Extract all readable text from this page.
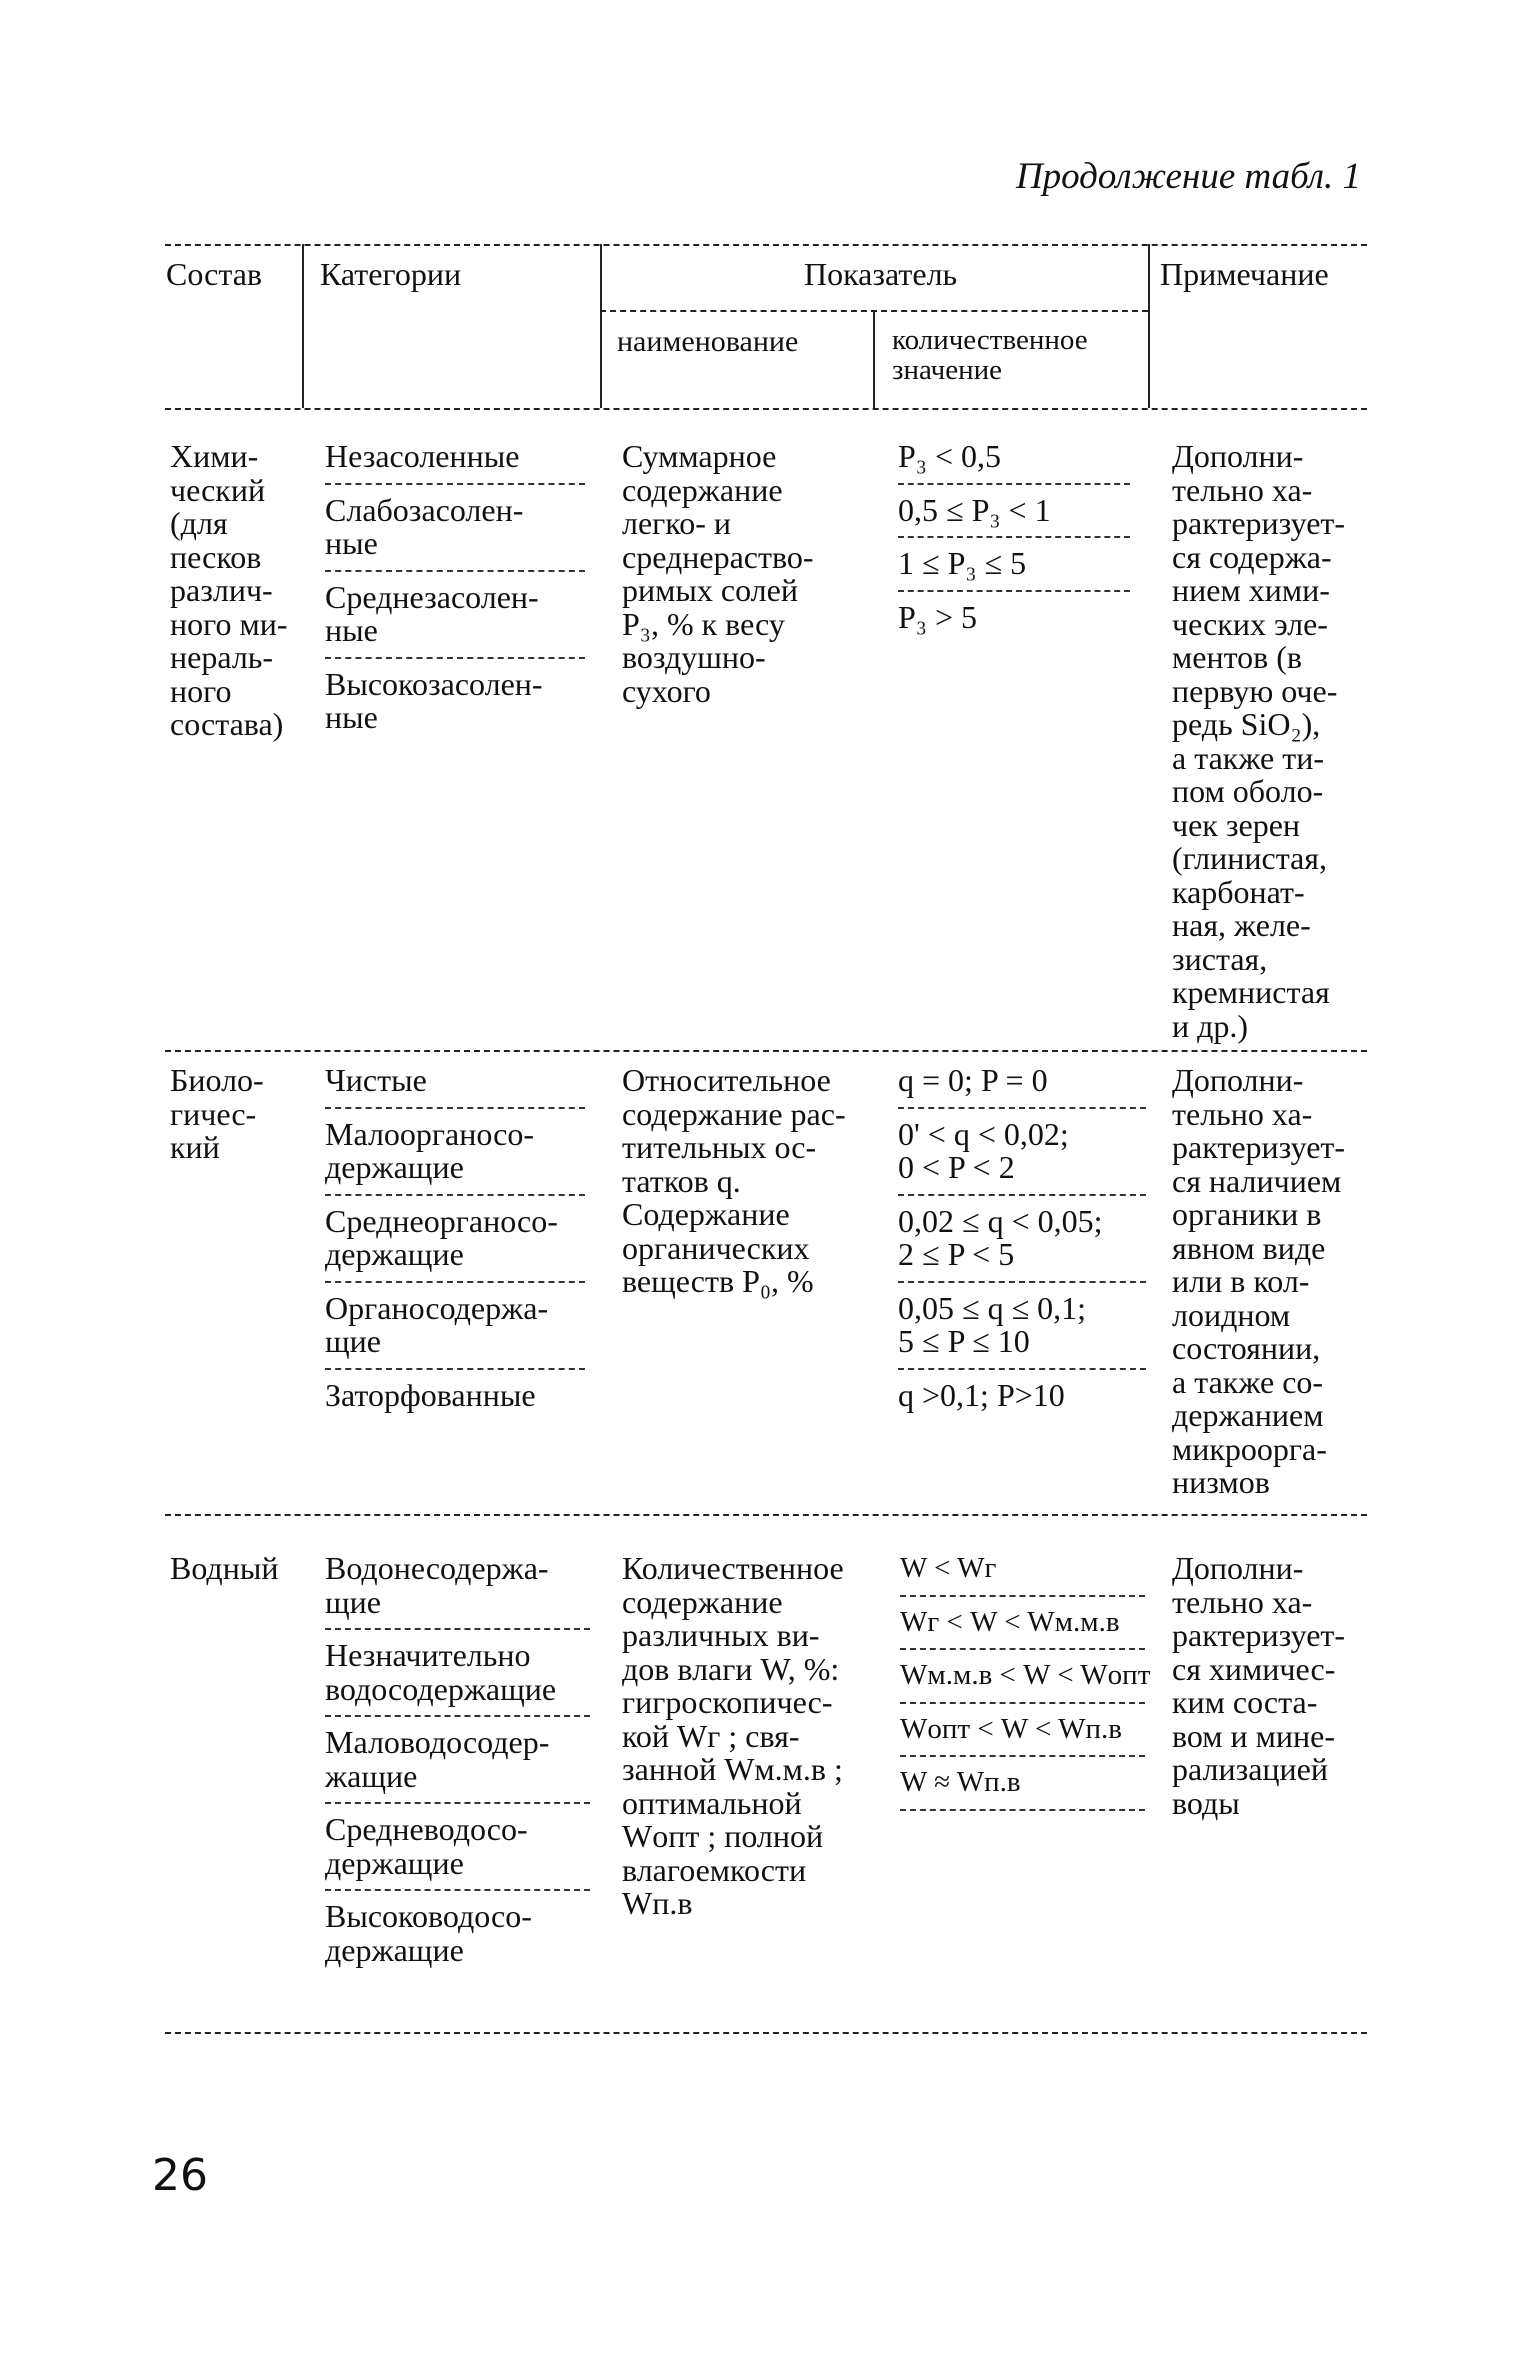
Продолжение табл. 1
Состав Категории	Показатель
наименование	количественное
значение
Примечание
Хими-
ческий
(для
песков
различ-
ного ми-
нераль-
ного
состава)
Незасоленные
Слабозасолен-
ные
Среднезасолен-
ные
Высокозасолен-
ные
Суммарное
содержание
легко- и
среднераство-
римых солей
P₃, % к весу
воздушно-
сухого
P₃ < 0,5
0,5 ≤ P₃ < 1
1 ≤ P₃ ≤ 5
P₃ > 5
Дополни-
тельно ха-
рактеризует-
ся содержа-
нием хими-
ческих эле-
ментов (в
первую оче-
редь SiO₂),
а также ти-
пом оболо-
чек зерен
(глинистая,
карбонат-
ная, желе-
зистая,
кремнистая
и др.)
Биоло-
гичес-
кий
Чистые
Малоорганосо-
держащие
Среднеорганосо-
держащие
Органосодержа-
щие
Заторфованные
Относительное
содержание рас-
тительных ос-
татков q.
Содержание
органических
веществ P₀, %
q = 0; P = 0
0' < q < 0,02;
0 < P < 2
0,02 ≤ q < 0,05;
2 ≤ P < 5
0,05 ≤ q ≤ 0,1;
5 ≤ P ≤ 10
q >0,1; P>10
Дополни-
тельно ха-
рактеризует-
ся наличием
органики в
явном виде
или в кол-
лоидном
состоянии,
а также со-
держанием
микроорга-
низмов
Водный Водонесодержа-
щие
Незначительно
водосодержащие
Маловодосодер-
жащие
Средневодосо-
держащие
Высоководосо-
держащие
Количественное
содержание
различных ви-
дов влаги W, %:
гигроскопичес-
кой Wг ; свя-
занной Wм.м.в ;
оптимальной
Wопт ; полной
влагоемкости
Wп.в
W < Wг
Wг < W < Wм.м.в
Wм.м.в < W < Wопт
Wопт < W < Wп.в
W ≈ Wп.в
Дополни-
тельно ха-
рактеризует-
ся химичес-
ким соста-
вом и мине-
рализацией
воды
26
